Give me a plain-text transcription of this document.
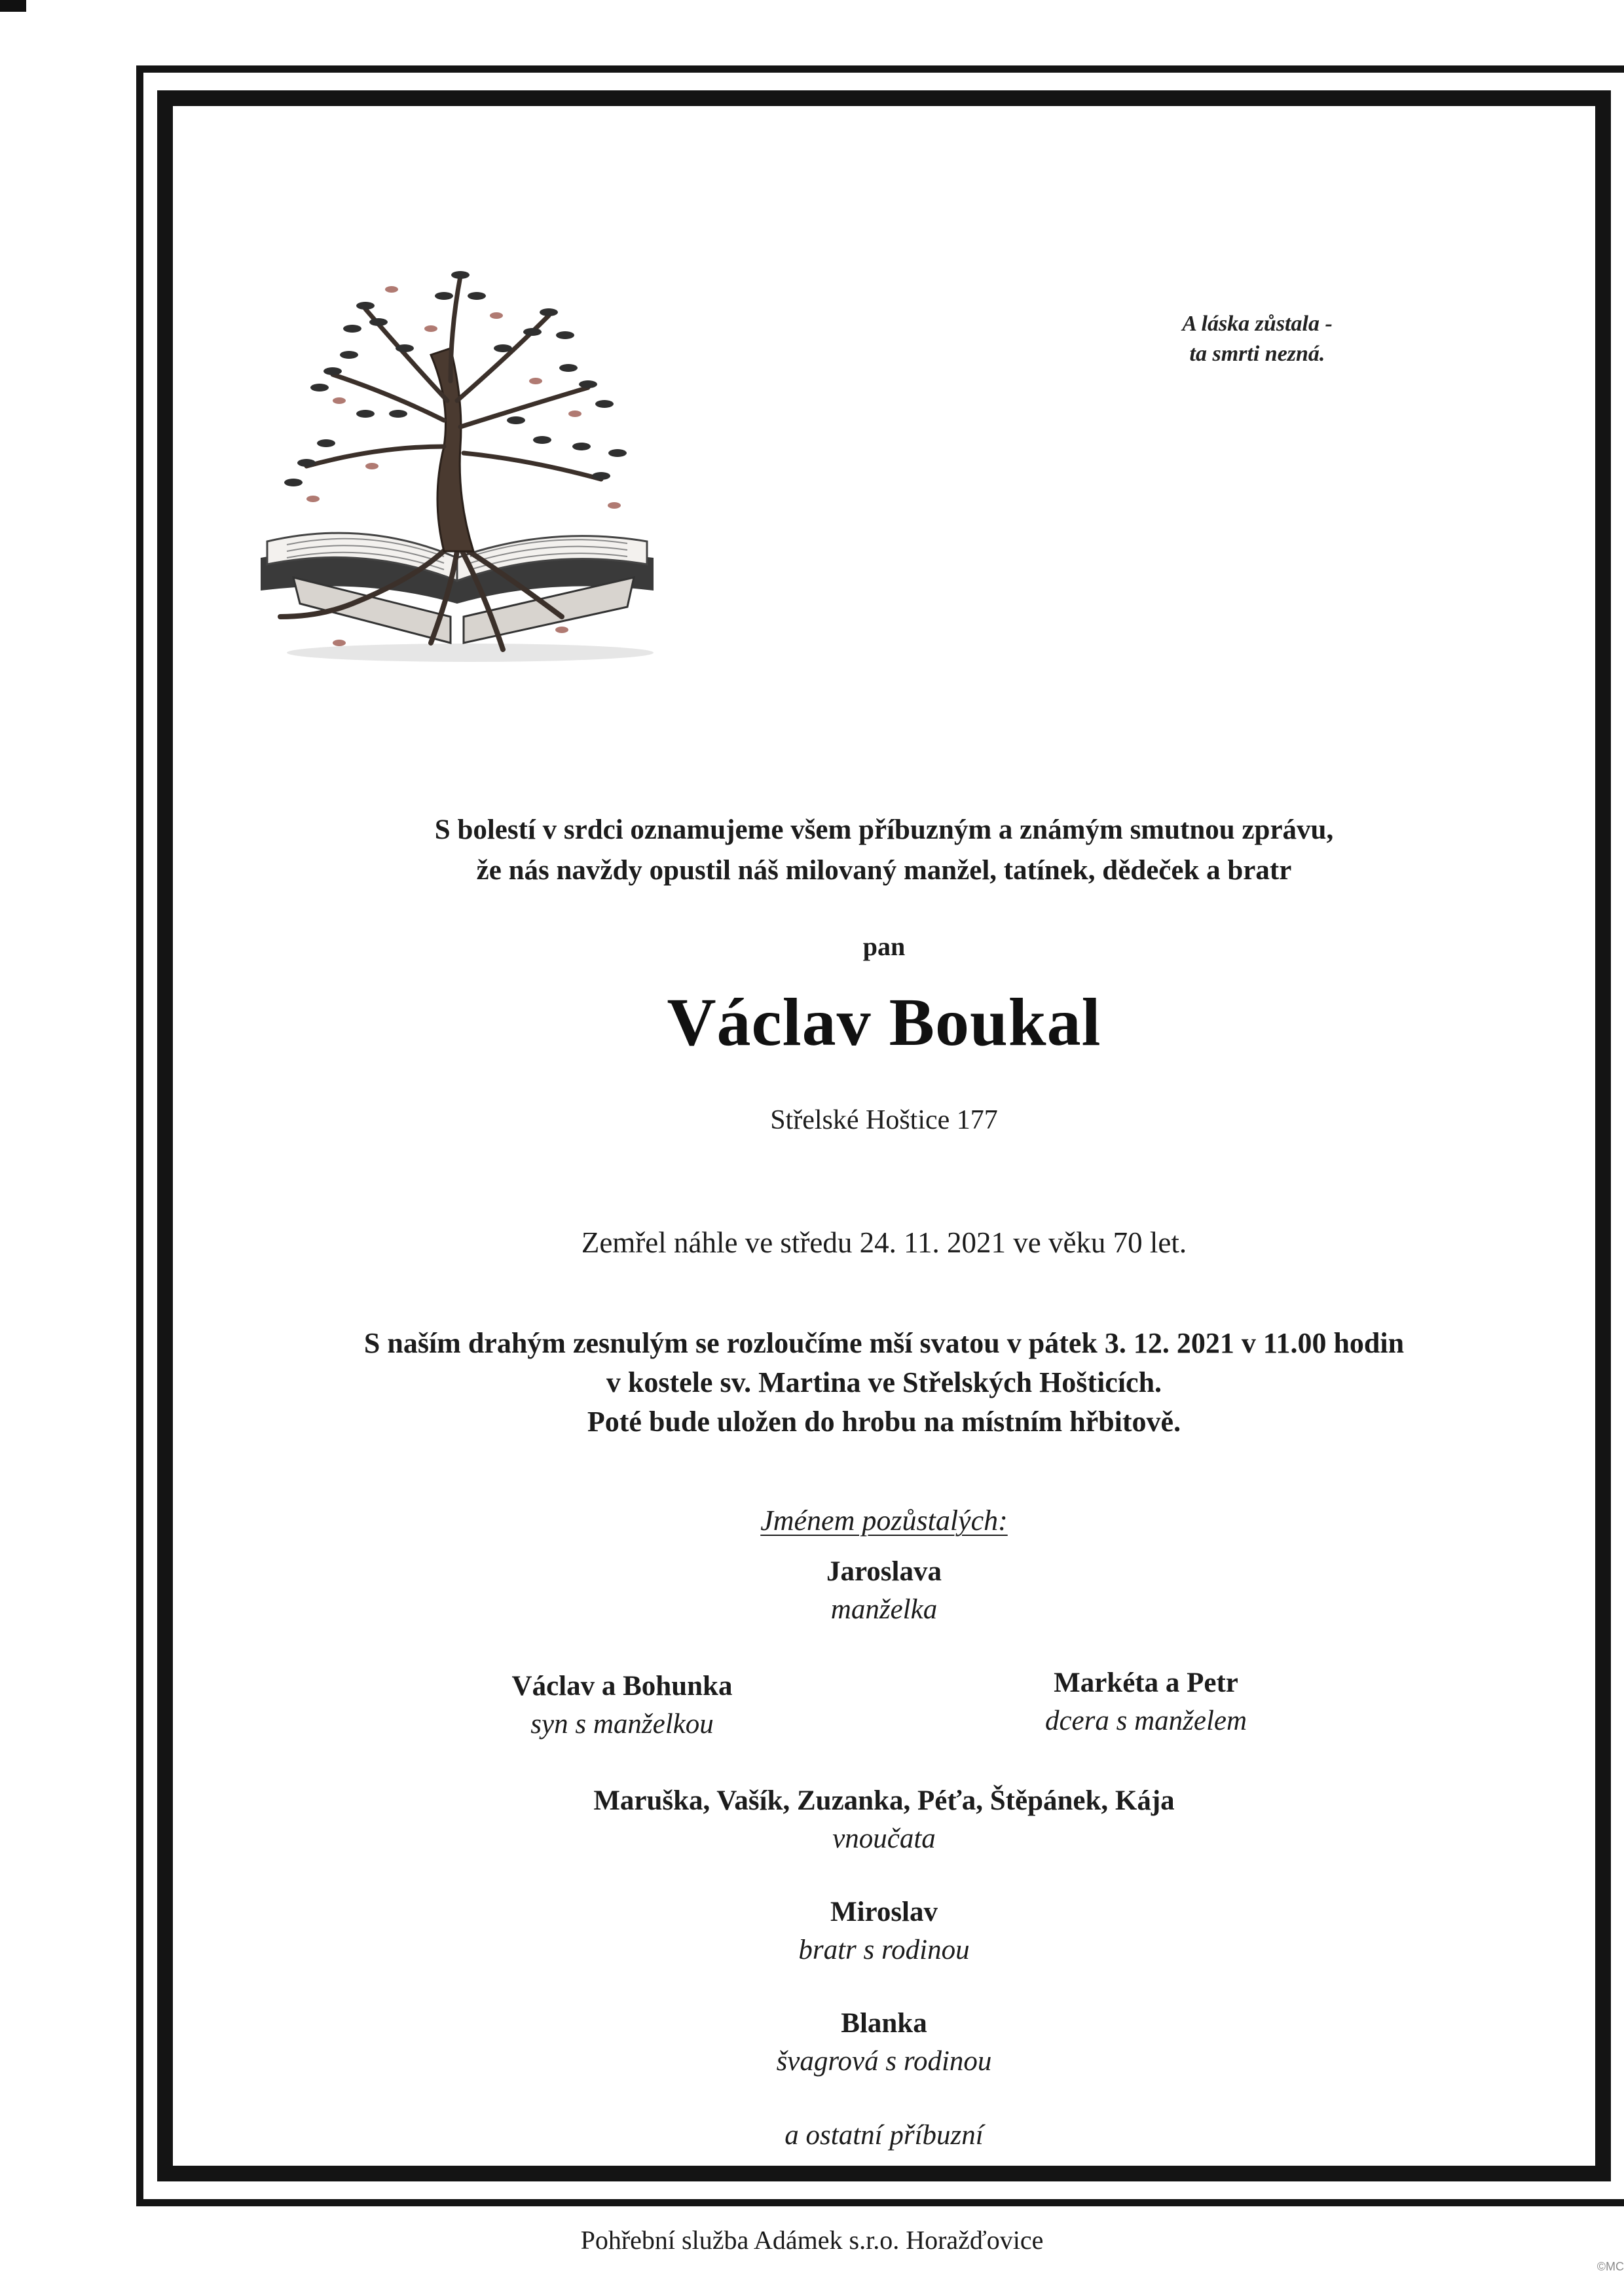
A láska zůstala -
ta smrti nezná.
S bolestí v srdci oznamujeme všem příbuzným a známým smutnou zprávu,
že nás navždy opustil náš milovaný manžel, tatínek, dědeček a bratr
pan
Václav Boukal
Střelské Hoštice 177
Zemřel náhle ve středu 24. 11. 2021 ve věku 70 let.
S naším drahým zesnulým se rozloučíme mší svatou v pátek 3. 12. 2021 v 11.00 hodin
v kostele sv. Martina ve Střelských Hošticích.
Poté bude uložen do hrobu na místním hřbitově.
Jménem pozůstalých:
Jaroslava
manželka
Václav a Bohunka
syn s manželkou
Markéta a Petr
dcera s manželem
Maruška, Vašík, Zuzanka, Péťa, Štěpánek, Kája
vnoučata
Miroslav
bratr s rodinou
Blanka
švagrová s rodinou
a ostatní příbuzní
Pohřební služba Adámek s.r.o. Horažďovice
©MC
